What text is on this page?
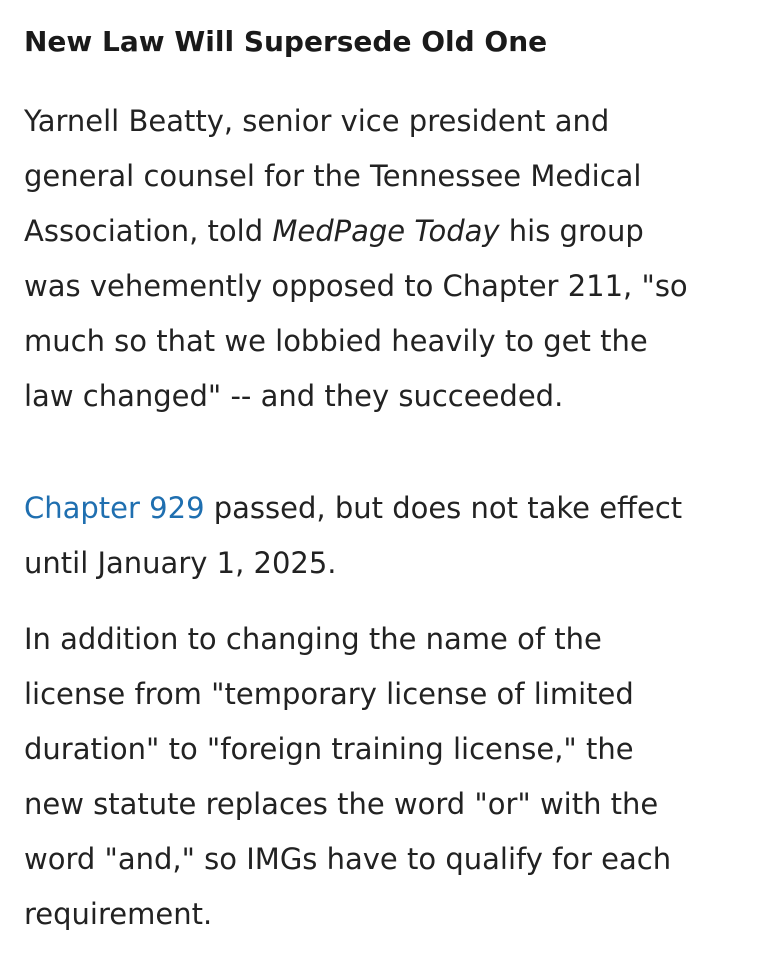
New Law Will Supersede Old One

Yarnell Beatty, senior vice president and
general counsel for the Tennessee Medical
Association, told MedPage Today his group
was vehemently opposed to Chapter 211, "so
much so that we lobbied heavily to get the
law changed" -- and they succeeded.

Chapter 929 passed, but does not take effect
until January 1, 2025.

In addition to changing the name of the
license from "temporary license of limited
duration" to "foreign training license," the
new statute replaces the word "or" with the
word "and," so IMGs have to qualify for each
requirement.
